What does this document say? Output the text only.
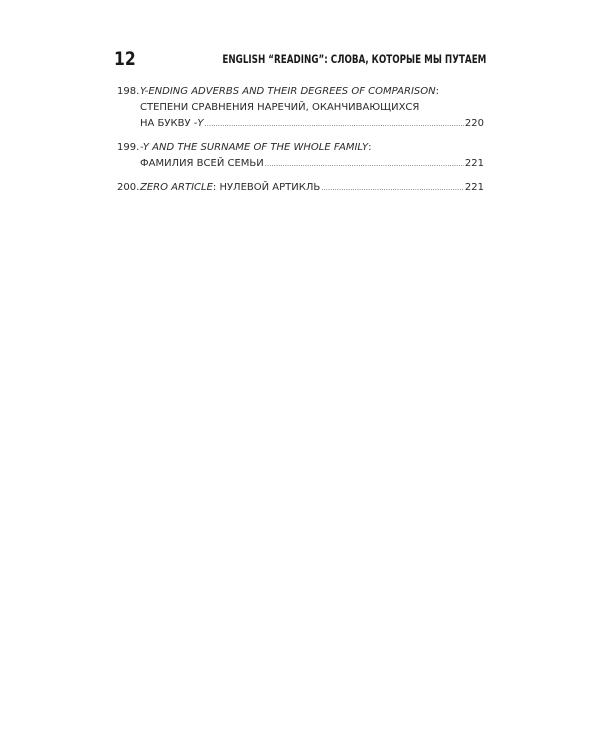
12	ENGLISH “READING”: СЛОВА, КОТОРЫЕ МЫ ПУТАЕМ
198. Y-ENDING ADVERBS AND THEIR DEGREES OF COMPARISON:
СТЕПЕНИ СРАВНЕНИЯ НАРЕЧИЙ, ОКАНЧИВАЮЩИХСЯ
НА БУКВУ -Y .....	220
199. -Y AND THE SURNAME OF THE WHOLE FAMILY:
ФАМИЛИЯ ВСЕЙ СЕМЬИ .....	221
200. ZERO ARTICLE: НУЛЕВОЙ АРТИКЛЬ .....	221
